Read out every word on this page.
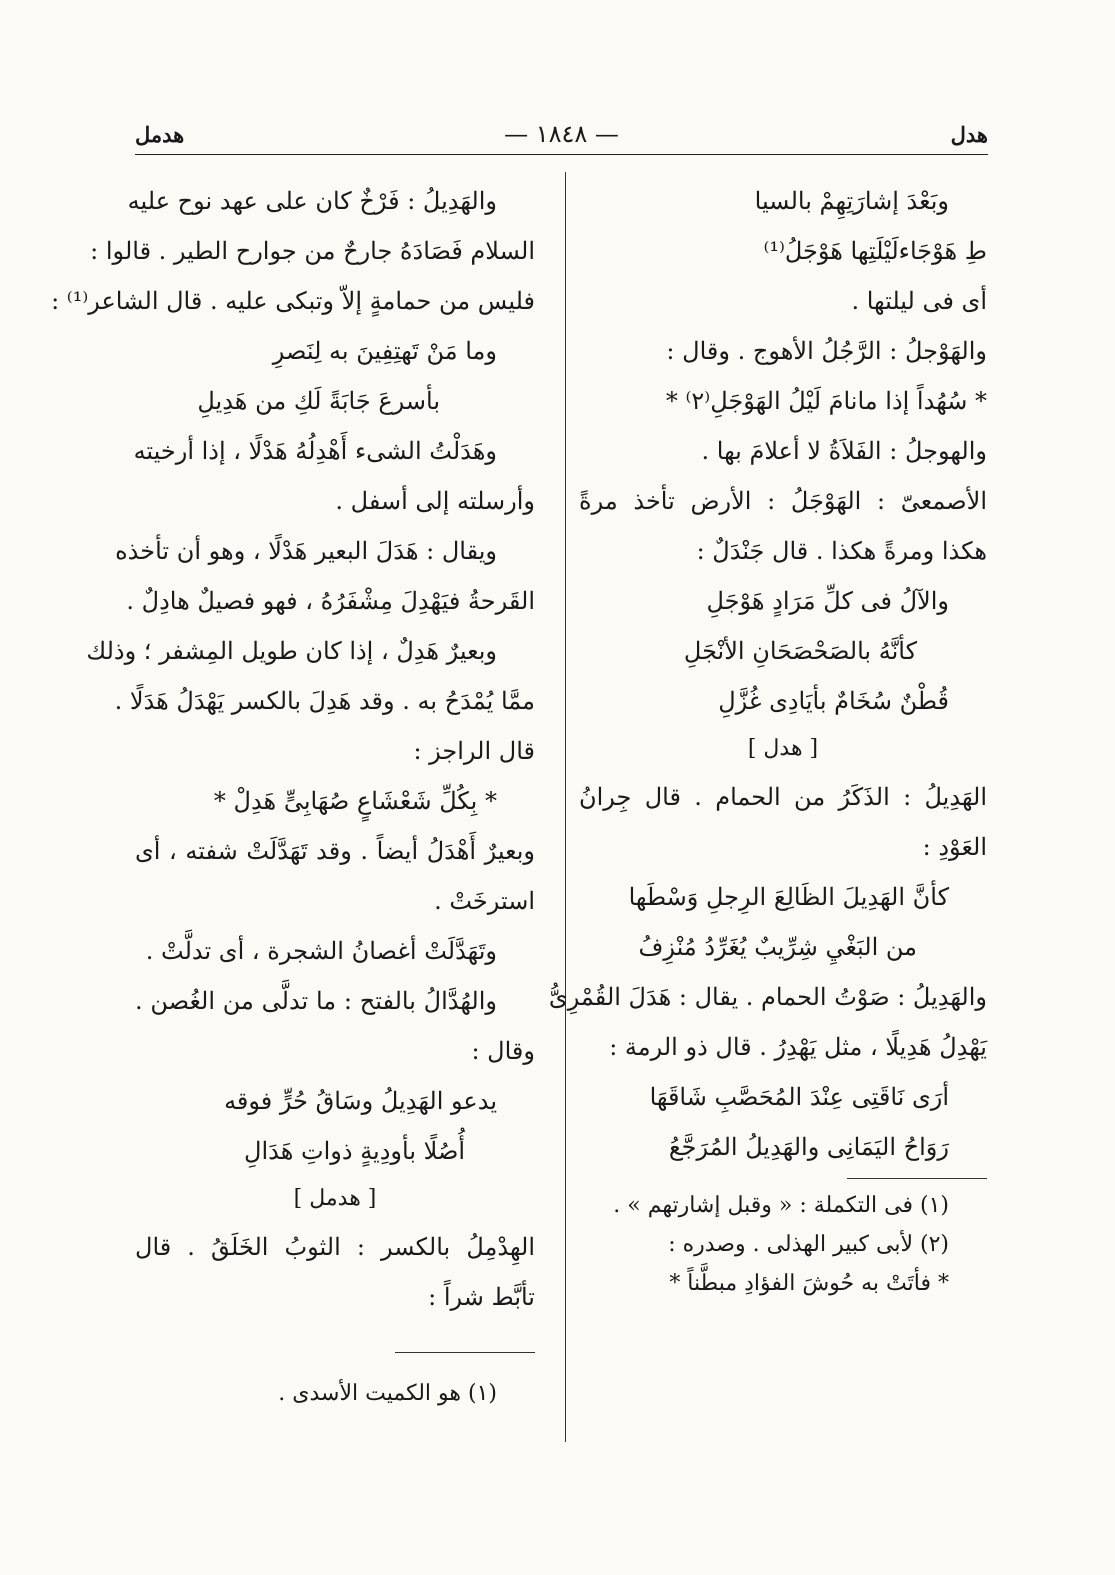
هدل
— ١٨٤٨ —
هدمل
وبَعْدَ إشارَتِهِمْ بالسيا
طِ هَوْجَاءلَيْلَتِها هَوْجَلُ⁽¹⁾
أى فى ليلتها .
والهَوْجلُ : الرَّجُلُ الأهوج . وقال :
* سُهُداً إذا مانامَ لَيْلُ الهَوْجَلِ⁽٢⁾ *
والهوجلُ : الفَلاَةُ لا أعلامَ بها .
الأصمعىّ : الهَوْجَلُ : الأرض تأخذ مرةً
هكذا ومرةً هكذا . قال جَنْدَلٌ :
والآلُ فى كلِّ مَرَادٍ هَوْجَلِ
كأنَّهُ بالصَحْصَحَانِ الأنْجَلِ
قُطْنٌ سُخَامٌ بأيَادِى غُزَّلِ
[ هدل ]
الهَدِيلُ : الذَكَرُ من الحمام . قال جِرانُ
العَوْدِ :
كأنَّ الهَدِيلَ الظَالِعَ الرِجلِ وَسْطَها
من البَغْيِ شِرِّيبٌ يُغَرِّدُ مُنْزِفُ
والهَدِيلُ : صَوْتُ الحمام . يقال : هَدَلَ القُمْرِىُّ
يَهْدِلُ هَدِيلًا ، مثل يَهْدِرُ . قال ذو الرمة :
أرَى نَاقَتِى عِنْدَ المُحَصَّبِ شَاقَهَا
رَوَاحُ اليَمَانِى والهَدِيلُ المُرَجَّعُ
(١) فى التكملة : « وقبل إشارتهم » .
(٢) لأبى كبير الهذلى . وصدره :
* فأتَتْ به حُوشَ الفؤادِ مبطَّناً *
والهَدِيلُ : فَرْخٌ كان على عهد نوح عليه
السلام فَصَادَهُ جارحٌ من جوارح الطير . قالوا :
فليس من حمامةٍ إلاّ وتبكى عليه . قال الشاعر⁽¹⁾ :
وما مَنْ تَهتِفِينَ به لِنَصرِ
بأسرعَ جَابَةً لَكِ من هَدِيلِ
وهَدَلْتُ الشىء أَهْدِلُهُ هَدْلًا ، إذا أرخيته
وأرسلته إلى أسفل .
ويقال : هَدَلَ البعير هَدْلًا ، وهو أن تأخذه
القَرحةُ فيَهْدِلَ مِشْفَرُهُ ، فهو فصيلٌ هادِلٌ .
وبعيرٌ هَدِلٌ ، إذا كان طويل المِشفر ؛ وذلك
ممَّا يُمْدَحُ به . وقد هَدِلَ بالكسر يَهْدَلُ هَدَلًا .
قال الراجز :
* بِكُلِّ شَعْشَاعٍ صُهَابِىٍّ هَدِلْ *
وبعيرٌ أَهْدَلُ أيضاً . وقد تَهَدَّلَتْ شفته ، أى
استرخَتْ .
وتَهَدَّلَتْ أغصانُ الشجرة ، أى تدلَّتْ .
والهُدَّالُ بالفتح : ما تدلَّى من الغُصن .
وقال :
يدعو الهَدِيلُ وسَاقُ حُرٍّ فوقه
أُصُلًا بأودِيةٍ ذواتِ هَدَالِ
[ هدمل ]
الهِدْمِلُ بالكسر : الثوبُ الخَلَقُ . قال
تأبَّط شراً :
(١) هو الكميت الأسدى .
